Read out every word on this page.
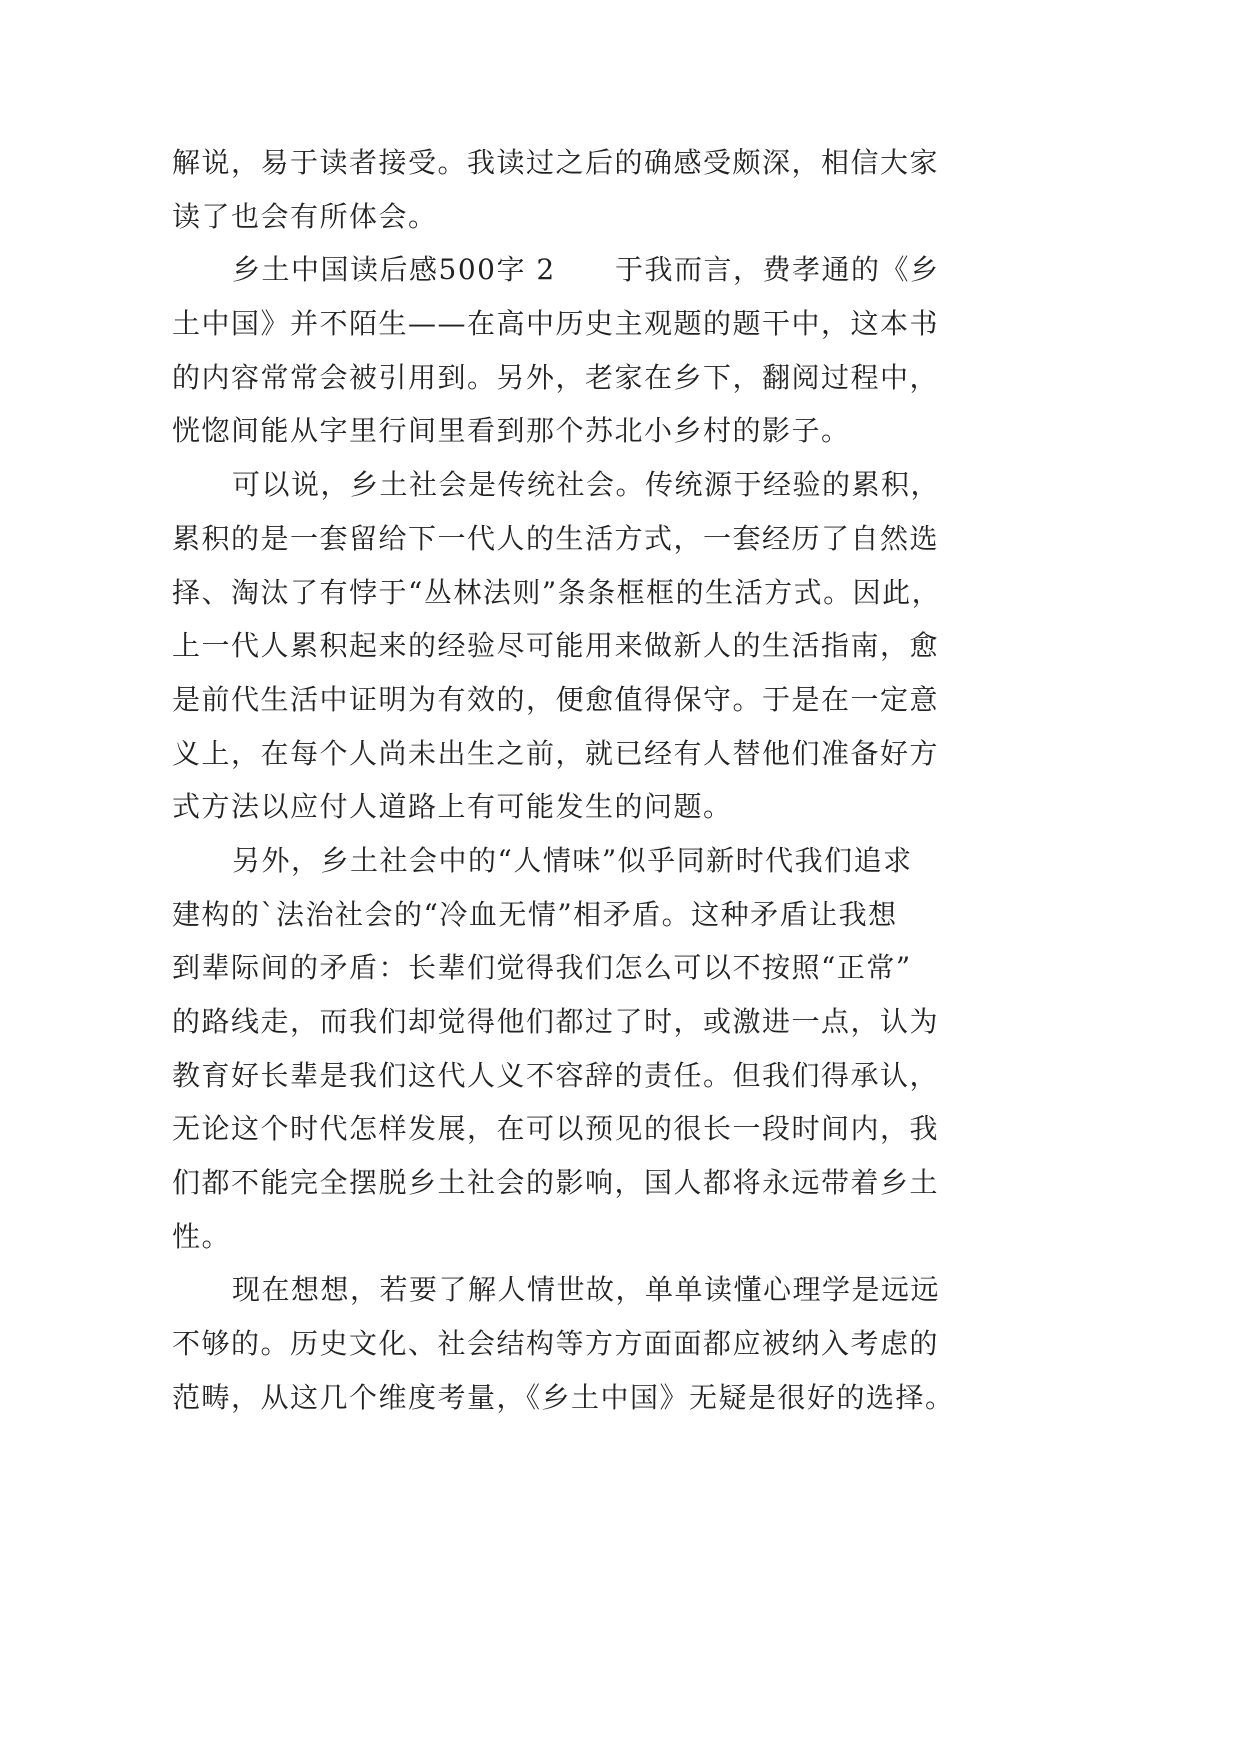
解说，易于读者接受。我读过之后的确感受颇深，相信大家
读了也会有所体会。
乡土中国读后感500字 2 于我而言，费孝通的《乡
土中国》并不陌生——在高中历史主观题的题干中，这本书
的内容常常会被引用到。另外，老家在乡下，翻阅过程中，
恍惚间能从字里行间里看到那个苏北小乡村的影子。
可以说，乡土社会是传统社会。传统源于经验的累积，
累积的是一套留给下一代人的生活方式，一套经历了自然选
择、淘汰了有悖于“丛林法则”条条框框的生活方式。因此，
上一代人累积起来的经验尽可能用来做新人的生活指南，愈
是前代生活中证明为有效的，便愈值得保守。于是在一定意
义上，在每个人尚未出生之前，就已经有人替他们准备好方
式方法以应付人道路上有可能发生的问题。
另外，乡土社会中的“人情味”似乎同新时代我们追求
建构的`法治社会的“冷血无情”相矛盾。这种矛盾让我想
到辈际间的矛盾：长辈们觉得我们怎么可以不按照“正常”
的路线走，而我们却觉得他们都过了时，或激进一点，认为
教育好长辈是我们这代人义不容辞的责任。但我们得承认，
无论这个时代怎样发展，在可以预见的很长一段时间内，我
们都不能完全摆脱乡土社会的影响，国人都将永远带着乡土
性。
现在想想，若要了解人情世故，单单读懂心理学是远远
不够的。历史文化、社会结构等方方面面都应被纳入考虑的
范畴，从这几个维度考量，《乡土中国》无疑是很好的选择。
